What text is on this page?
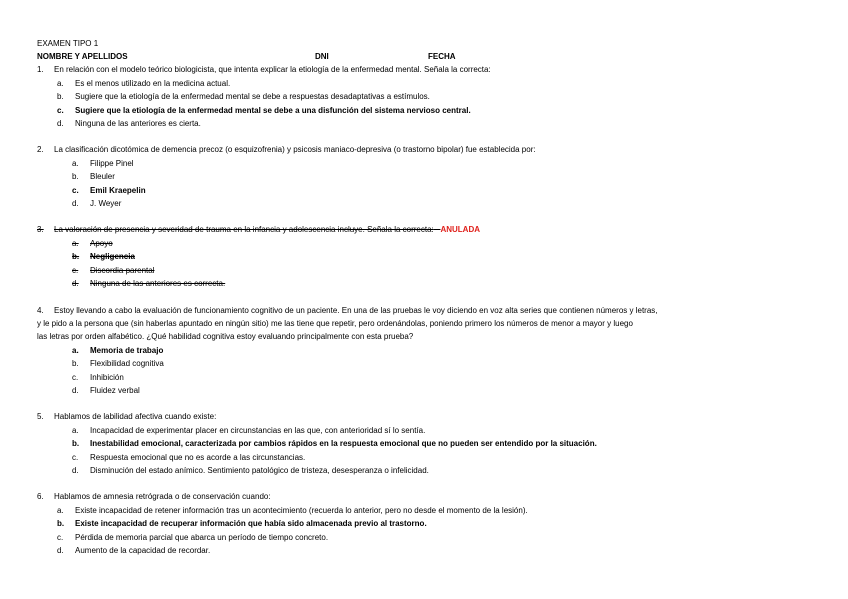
EXAMEN TIPO 1
NOMBRE Y APELLIDOS	DNI	FECHA
1.	En relación con el modelo teórico biologicista, que intenta explicar la etiología de la enfermedad mental. Señala la correcta:
a.	Es el menos utilizado en la medicina actual.
b.	Sugiere que la etiología de la enfermedad mental se debe a respuestas desadaptativas a estímulos.
c.	Sugiere que la etiología de la enfermedad mental se debe a una disfunción del sistema nervioso central.
d.	Ninguna de las anteriores es cierta.
2.	La clasificación dicotómica de demencia precoz (o esquizofrenia) y psicosis maniaco-depresiva (o trastorno bipolar) fue establecida por:
a.	Filippe Pinel
b.	Bleuler
c.	Emil Kraepelin
d.	J. Weyer
3.	La valoración de presencia y severidad de trauma en la infancia y adolescencia incluye. Señala la correcta: ANULADA
a.	Apoyo
b.	Negligencia
c.	Discordia parental
d.	Ninguna de las anteriores es correcta.
4.	Estoy llevando a cabo la evaluación de funcionamiento cognitivo de un paciente. En una de las pruebas le voy diciendo en voz alta series que contienen números y letras,
y le pido a la persona que (sin haberlas apuntado en ningún sitio) me las tiene que repetir, pero ordenándolas, poniendo primero los números de menor a mayor y luego
las letras por orden alfabético. ¿Qué habilidad cognitiva estoy evaluando principalmente con esta prueba?
a.	Memoria de trabajo
b.	Flexibilidad cognitiva
c.	Inhibición
d.	Fluidez verbal
5.	Hablamos de labilidad afectiva cuando existe:
a.	Incapacidad de experimentar placer en circunstancias en las que, con anterioridad sí lo sentía.
b.	Inestabilidad emocional, caracterizada por cambios rápidos en la respuesta emocional que no pueden ser entendido por la situación.
c.	Respuesta emocional que no es acorde a las circunstancias.
d.	Disminución del estado anímico. Sentimiento patológico de tristeza, desesperanza o infelicidad.
6.	Hablamos de amnesia retrógrada o de conservación cuando:
a.	Existe incapacidad de retener información tras un acontecimiento (recuerda lo anterior, pero no desde el momento de la lesión).
b.	Existe incapacidad de recuperar información que había sido almacenada previo al trastorno.
c.	Pérdida de memoria parcial que abarca un período de tiempo concreto.
d.	Aumento de la capacidad de recordar.
